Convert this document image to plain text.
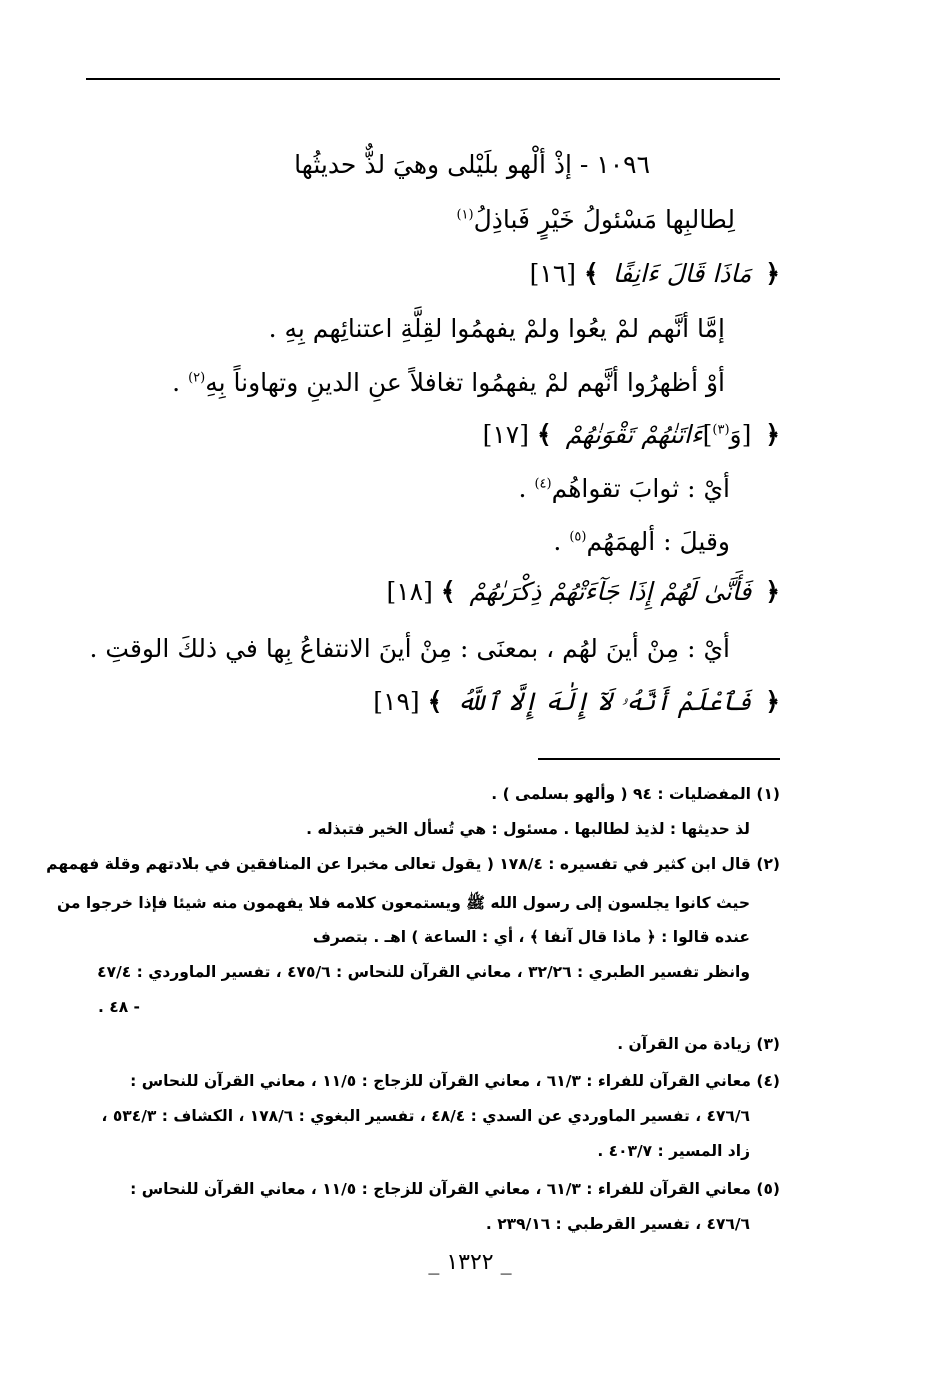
١٠٩٦ - إذْ ألْهو بلَيْلى وهيَ لذٌّ حديثُها
لِطالبِها مَسْئولُ خَيْرٍ فَباذِلُ$^{(١)}$
﴿مَاذَا قَالَ ءَانِفًا﴾[١٦]
إمَّا أنَّهم لمْ يعُوا ولمْ يفهمُوا لقِلَّةِ اعتنائِهم بِهِ .
أوْ أظهرُوا أنَّهم لمْ يفهمُوا تغافلاً عنِ الدينِ وتهاوناً بِهِ$^{(٢)}$ .
﴿[وَ$^{(٣)}$]ءَاتَنٰهُمْ تَقْوَنٰهُمْ﴾[١٧]
أيْ : ثوابَ تقواهُم$^{(٤)}$ .
وقيلَ : ألهمَهُم$^{(٥)}$ .
﴿فَأَنَّىٰ لَهُمْ إِذَا جَآءَتْهُمْ ذِكْرَىٰهُمْ﴾[١٨]
أيْ : مِنْ أينَ لهُم ، بمعنَى : مِنْ أينَ الانتفاعُ بِها في ذلكَ الوقتِ .
﴿فَٱعْلَمْ أَنَّهُۥ لَآ إِلَٰهَ إِلَّا ٱللَّهُ﴾[١٩]
(١) المفضليات : ٩٤ ( وألهو بسلمى ) .
لذ حديثها : لذيذ لطالبها . مسئول : هي تُسأل الخير فتبذله .
(٢) قال ابن كثير في تفسيره : ١٧٨/٤ ( يقول تعالى مخبرا عن المنافقين في بلادتهم وقلة فهمهم
حيث كانوا يجلسون إلى رسول الله ﷺ ويستمعون كلامه فلا يفهمون منه شيئا فإذا خرجوا من
عنده قالوا : ﴿ ماذا قال آنفا ﴾ ، أي : الساعة ) اهـ . بتصرف
وانظر تفسير الطبري : ٣٢/٢٦ ، معاني القرآن للنحاس : ٤٧٥/٦ ، تفسير الماوردي : ٤٧/٤
- ٤٨ .
(٣) زيادة من القرآن .
(٤) معاني القرآن للفراء : ٦١/٣ ، معاني القرآن للزجاج : ١١/٥ ، معاني القرآن للنحاس :
٤٧٦/٦ ، تفسير الماوردي عن السدي : ٤٨/٤ ، تفسير البغوي : ١٧٨/٦ ، الكشاف : ٥٣٤/٣ ،
زاد المسير : ٤٠٣/٧ .
(٥) معاني القرآن للفراء : ٦١/٣ ، معاني القرآن للزجاج : ١١/٥ ، معاني القرآن للنحاس :
٤٧٦/٦ ، تفسير القرطبي : ٢٣٩/١٦ .
_ ١٣٢٢ _
